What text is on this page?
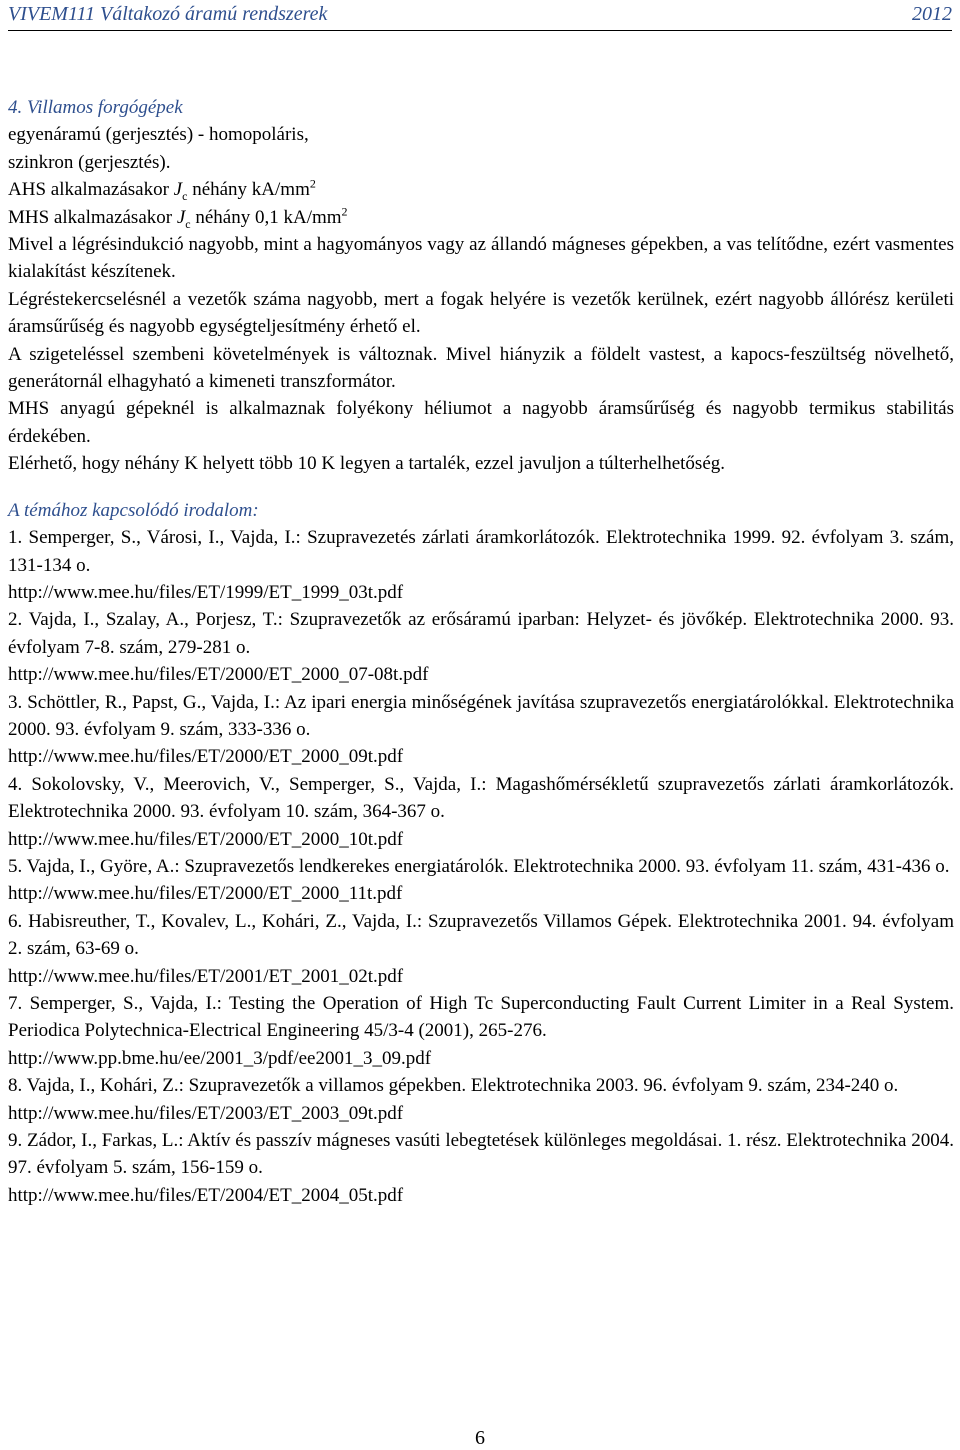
VIVEM111 Váltakozó áramú rendszerek	2012

4. Villamos forgógépek

egyenáramú (gerjesztés) - homopoláris,

szinkron (gerjesztés).

AHS alkalmazásakor $J_c$ néhány $kA/mm^2$

MHS alkalmazásakor $J_c$ néhány 0,1 $kA/mm^2$

Mivel a légrésindukció nagyobb, mint a hagyományos vagy az állandó mágneses gépekben, a vas telítődne, ezért vasmentes kialakítást készítenek.

Légréstekercselésnél a vezetők száma nagyobb, mert a fogak helyére is vezetők kerülnek, ezért nagyobb állórész kerületi áramsűrűség és nagyobb egységteljesítmény érhető el.

A szigeteléssel szembeni követelmények is változnak. Mivel hiányzik a földelt vastest, a kapocs-feszültség növelhető, generátornál elhagyható a kimeneti transzformátor.

MHS anyagú gépeknél is alkalmaznak folyékony héliumot a nagyobb áramsűrűség és nagyobb termikus stabilitás érdekében.

Elérhető, hogy néhány K helyett több 10 K legyen a tartalék, ezzel javuljon a túlterhelhetőség.

A témához kapcsolódó irodalom:

1. Semperger, S., Városi, I., Vajda, I.: Szupravezetés zárlati áramkorlátozók. Elektrotechnika 1999. 92. évfolyam 3. szám, 131-134 o.
http://www.mee.hu/files/ET/1999/ET_1999_03t.pdf
2. Vajda, I., Szalay, A., Porjesz, T.: Szupravezetők az erősáramú iparban: Helyzet- és jövőkép. Elektrotechnika 2000. 93. évfolyam 7-8. szám, 279-281 o.
http://www.mee.hu/files/ET/2000/ET_2000_07-08t.pdf
3. Schöttler, R., Papst, G., Vajda, I.: Az ipari energia minőségének javítása szupravezetős energiatárolókkal. Elektrotechnika 2000. 93. évfolyam 9. szám, 333-336 o.
http://www.mee.hu/files/ET/2000/ET_2000_09t.pdf
4. Sokolovsky, V., Meerovich, V., Semperger, S., Vajda, I.: Magashőmérsékletű szupravezetős zárlati áramkorlátozók. Elektrotechnika 2000. 93. évfolyam 10. szám, 364-367 o.
http://www.mee.hu/files/ET/2000/ET_2000_10t.pdf
5. Vajda, I., Györe, A.: Szupravezetős lendkerekes energiatárolók. Elektrotechnika 2000. 93. évfolyam 11. szám, 431-436 o.
http://www.mee.hu/files/ET/2000/ET_2000_11t.pdf
6. Habisreuther, T., Kovalev, L., Kohári, Z., Vajda, I.: Szupravezetős Villamos Gépek. Elektrotechnika 2001. 94. évfolyam 2. szám, 63-69 o.
http://www.mee.hu/files/ET/2001/ET_2001_02t.pdf
7. Semperger, S., Vajda, I.: Testing the Operation of High Tc Superconducting Fault Current Limiter in a Real System. Periodica Polytechnica-Electrical Engineering 45/3-4 (2001), 265-276.
http://www.pp.bme.hu/ee/2001_3/pdf/ee2001_3_09.pdf
8. Vajda, I., Kohári, Z.: Szupravezetők a villamos gépekben. Elektrotechnika 2003. 96. évfolyam 9. szám, 234-240 o.
http://www.mee.hu/files/ET/2003/ET_2003_09t.pdf
9. Zádor, I., Farkas, L.: Aktív és passzív mágneses vasúti lebegtetések különleges megoldásai. 1. rész. Elektrotechnika 2004. 97. évfolyam 5. szám, 156-159 o.
http://www.mee.hu/files/ET/2004/ET_2004_05t.pdf
6
